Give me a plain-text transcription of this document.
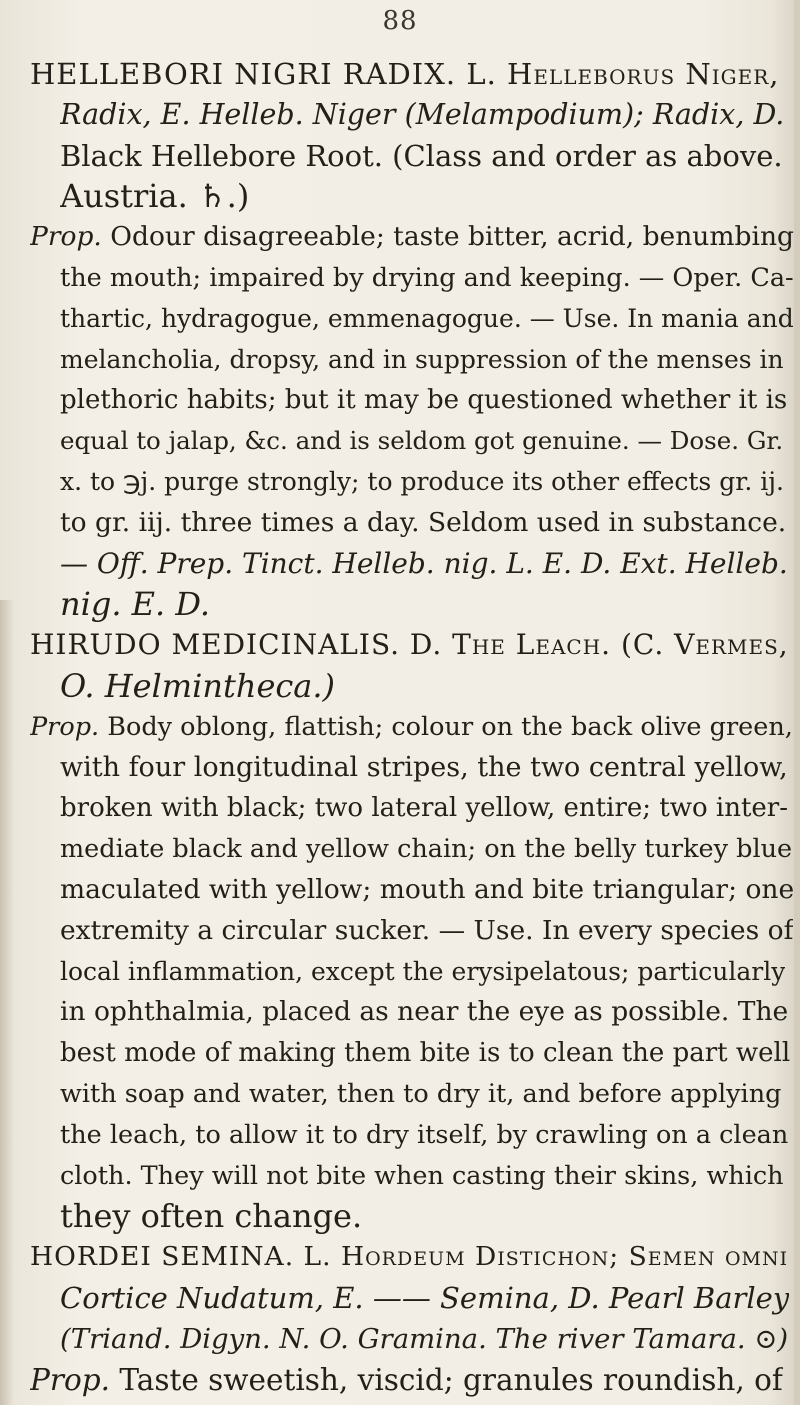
88
HELLEBORI NIGRI RADIX. L. Helleborus Niger,
Radix, E. Helleb. Niger (Melampodium); Radix, D.
Black Hellebore Root. (Class and order as above.
Austria. ♄.)
Prop. Odour disagreeable; taste bitter, acrid, benumbing
the mouth; impaired by drying and keeping. — Oper. Ca-
thartic, hydragogue, emmenagogue. — Use. In mania and
melancholia, dropsy, and in suppression of the menses in
plethoric habits; but it may be questioned whether it is
equal to jalap, &c. and is seldom got genuine. — Dose. Gr.
x. to ℈j. purge strongly; to produce its other effects gr. ij.
to gr. iij. three times a day. Seldom used in substance.
— Off. Prep. Tinct. Helleb. nig. L. E. D. Ext. Helleb.
nig. E. D.
HIRUDO MEDICINALIS. D. The Leach. (C. Vermes,
O. Helmintheca.)
Prop. Body oblong, flattish; colour on the back olive green,
with four longitudinal stripes, the two central yellow,
broken with black; two lateral yellow, entire; two inter-
mediate black and yellow chain; on the belly turkey blue
maculated with yellow; mouth and bite triangular; one
extremity a circular sucker. — Use. In every species of
local inflammation, except the erysipelatous; particularly
in ophthalmia, placed as near the eye as possible. The
best mode of making them bite is to clean the part well
with soap and water, then to dry it, and before applying
the leach, to allow it to dry itself, by crawling on a clean
cloth. They will not bite when casting their skins, which
they often change.
HORDEI SEMINA. L. Hordeum Distichon; Semen omni
Cortice Nudatum, E. —— Semina, D. Pearl Barley
(Triand. Digyn. N. O. Gramina. The river Tamara. ⊙)
Prop. Taste sweetish, viscid; granules roundish, of
